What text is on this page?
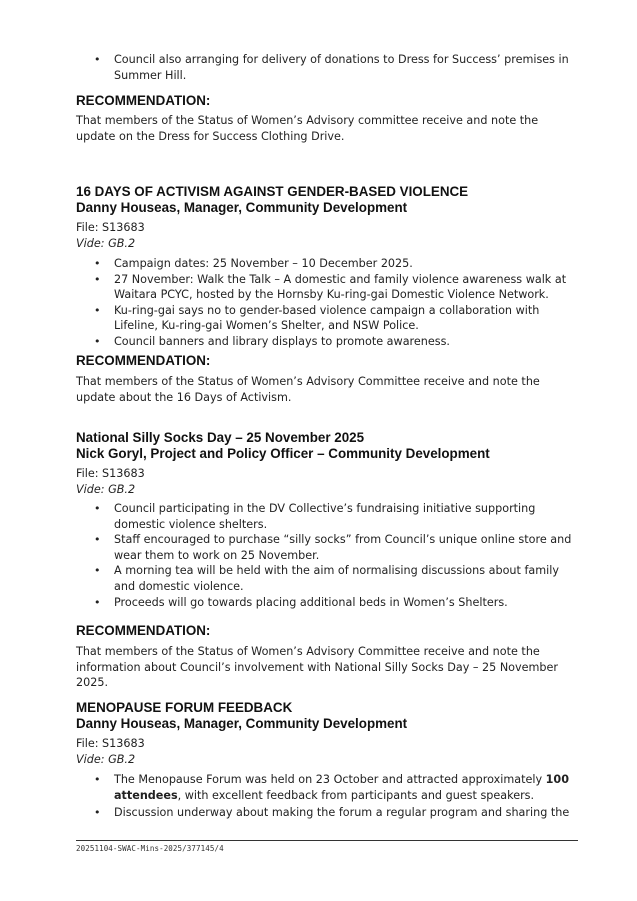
• Council also arranging for delivery of donations to Dress for Success’ premises in Summer Hill.

RECOMMENDATION:

That members of the Status of Women’s Advisory committee receive and note the update on the Dress for Success Clothing Drive.

16 DAYS OF ACTIVISM AGAINST GENDER-BASED VIOLENCE

Danny Houseas, Manager, Community Development

File: S13683
Vide: GB.2
• Campaign dates: 25 November – 10 December 2025.
• 27 November: Walk the Talk – A domestic and family violence awareness walk at Waitara PCYC, hosted by the Hornsby Ku-ring-gai Domestic Violence Network.
• Ku-ring-gai says no to gender-based violence campaign a collaboration with Lifeline, Ku-ring-gai Women’s Shelter, and NSW Police.
• Council banners and library displays to promote awareness.

RECOMMENDATION:

That members of the Status of Women’s Advisory Committee receive and note the update about the 16 Days of Activism.

National Silly Socks Day – 25 November 2025

Nick Goryl, Project and Policy Officer – Community Development

File: S13683
Vide: GB.2
• Council participating in the DV Collective’s fundraising initiative supporting domestic violence shelters.
• Staff encouraged to purchase “silly socks” from Council’s unique online store and wear them to work on 25 November.
• A morning tea will be held with the aim of normalising discussions about family and domestic violence.
• Proceeds will go towards placing additional beds in Women’s Shelters.

RECOMMENDATION:

That members of the Status of Women’s Advisory Committee receive and note the information about Council’s involvement with National Silly Socks Day – 25 November 2025.

MENOPAUSE FORUM FEEDBACK

Danny Houseas, Manager, Community Development

File: S13683
Vide: GB.2
• The Menopause Forum was held on 23 October and attracted approximately 100 attendees, with excellent feedback from participants and guest speakers.
• Discussion underway about making the forum a regular program and sharing the
20251104-SWAC-Mins-2025/377145/4
